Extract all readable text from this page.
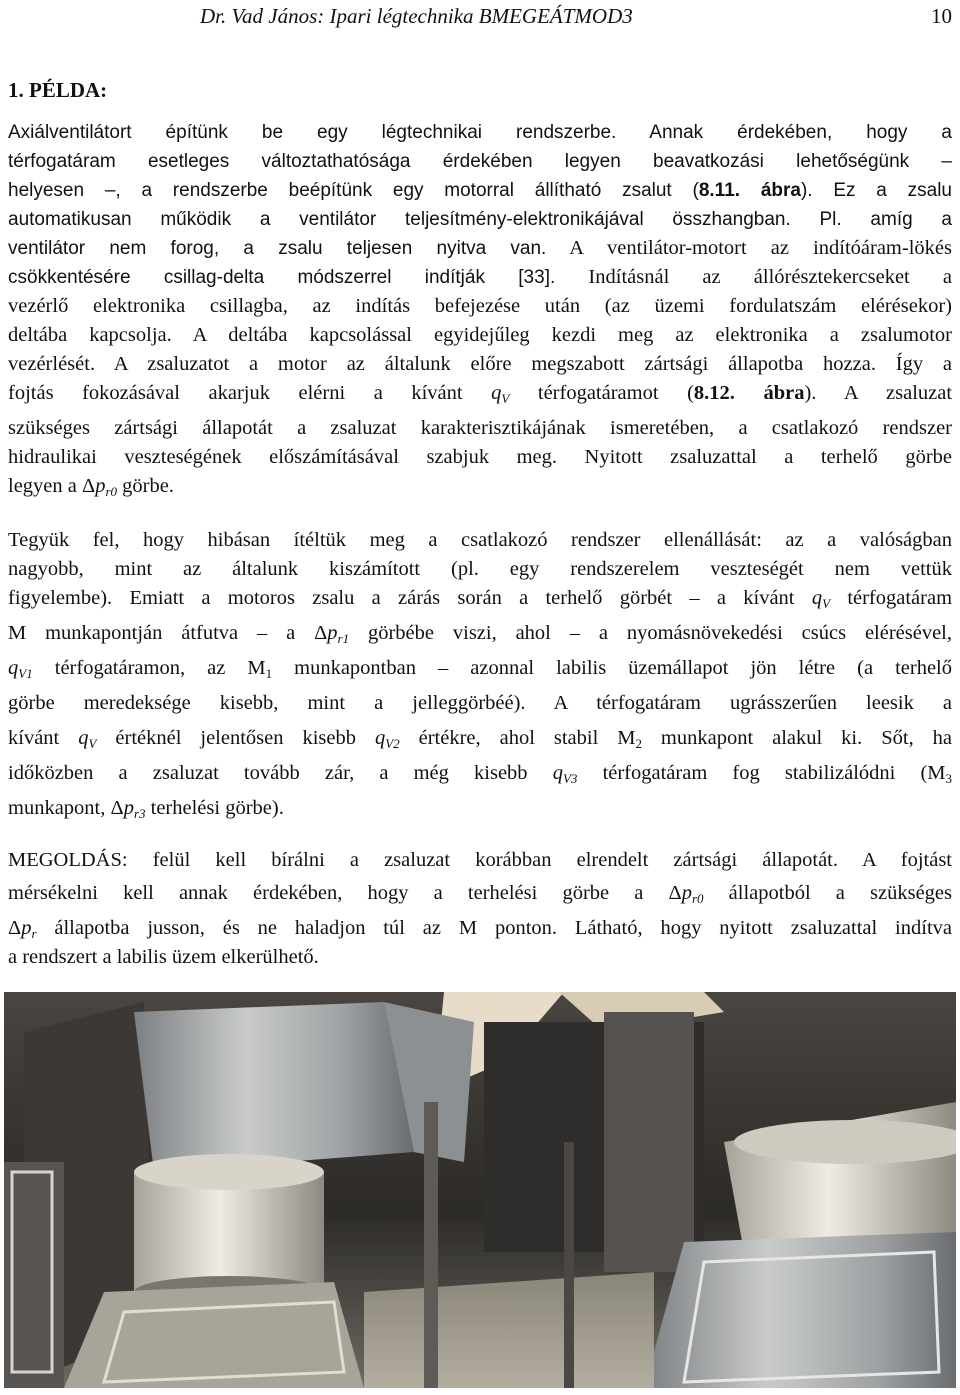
Dr. Vad János: Ipari légtechnika BMEGEÁTMOD3	10
1. PÉLDA:
Axiálventilátort építünk be egy légtechnikai rendszerbe. Annak érdekében, hogy a
térfogatáram esetleges változtathatósága érdekében legyen beavatkozási lehetőségünk –
helyesen –, a rendszerbe beépítünk egy motorral állítható zsalut (8.11. ábra). Ez a zsalu
automatikusan működik a ventilátor teljesítmény-elektronikájával összhangban. Pl. amíg a
ventilátor nem forog, a zsalu teljesen nyitva van. A ventilátor-motort az indítóáram-lökés
csökkentésére csillag-delta módszerrel indítják [33]. Indításnál az állórésztekercseket a
vezérlő elektronika csillagba, az indítás befejezése után (az üzemi fordulatszám elérésekor)
deltába kapcsolja. A deltába kapcsolással egyidejűleg kezdi meg az elektronika a zsalumotor
vezérlését. A zsaluzatot a motor az általunk előre megszabott zártsági állapotba hozza. Így a
fojtás fokozásával akarjuk elérni a kívánt $q_V$ térfogatáramot (8.12. ábra). A zsaluzat
szükséges zártsági állapotát a zsaluzat karakterisztikájának ismeretében, a csatlakozó rendszer
hidraulikai veszteségének előszámításával szabjuk meg. Nyitott zsaluzattal a terhelő görbe
legyen a $\Delta p_{r0}$ görbe.
Tegyük fel, hogy hibásan ítéltük meg a csatlakozó rendszer ellenállását: az a valóságban
nagyobb, mint az általunk kiszámított (pl. egy rendszerelem veszteségét nem vettük
figyelembe). Emiatt a motoros zsalu a zárás során a terhelő görbét – a kívánt $q_V$ térfogatáram
M munkapontján átfutva – a $\Delta p_{r1}$ görbébe viszi, ahol – a nyomásnövekedési csúcs elérésével,
$q_{V1}$ térfogatáramon, az M1 munkapontban – azonnal labilis üzemállapot jön létre (a terhelő
görbe meredeksége kisebb, mint a jelleggörbéé). A térfogatáram ugrásszerűen leesik a
kívánt $q_V$ értéknél jelentősen kisebb $q_{V2}$ értékre, ahol stabil M2 munkapont alakul ki. Sőt, ha
időközben a zsaluzat tovább zár, a még kisebb $q_{V3}$ térfogatáram fog stabilizálódni (M3
munkapont, $\Delta p_{r3}$ terhelési görbe).
MEGOLDÁS: felül kell bírálni a zsaluzat korábban elrendelt zártsági állapotát. A fojtást
mérsékelni kell annak érdekében, hogy a terhelési görbe a $\Delta p_{r0}$ állapotból a szükséges
$\Delta p_r$ állapotba jusson, és ne haladjon túl az M ponton. Látható, hogy nyitott zsaluzattal indítva
a rendszert a labilis üzem elkerülhető.
